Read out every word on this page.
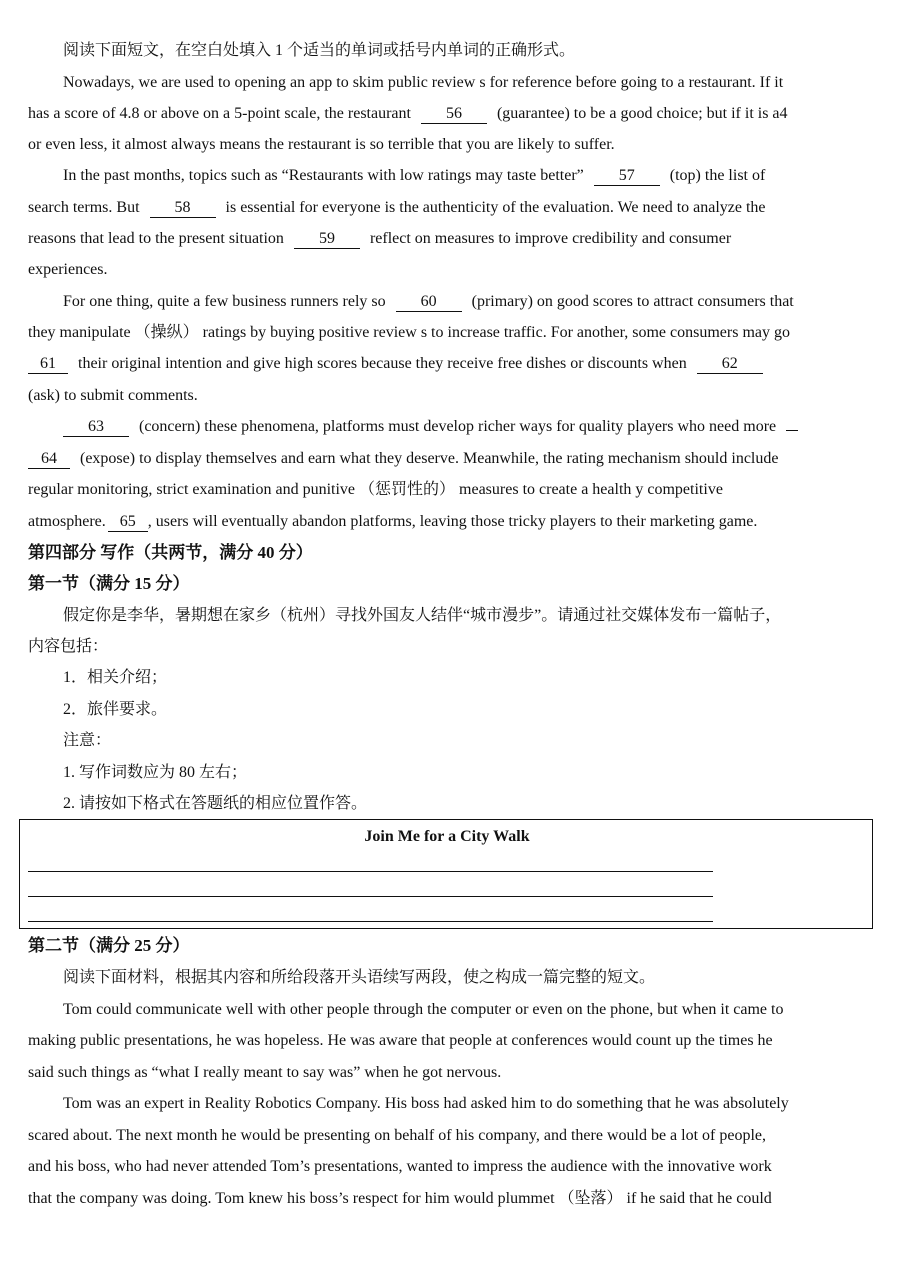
阅读下面短文，在空白处填入 1 个适当的单词或括号内单词的正确形式。
Nowadays, we are used to opening an app to skim public review s for reference before going to a restaurant. If it
has a score of 4.8 or above on a 5-point scale, the restaurant 56 (guarantee) to be a good choice; but if it is a4
or even less, it almost always means the restaurant is so terrible that you are likely to suffer.
In the past months, topics such as “Restaurants with low ratings may taste better” 57 (top) the list of
search terms. But 58 is essential for everyone is the authenticity of the evaluation. We need to analyze the
reasons that lead to the present situation 59 reflect on measures to improve credibility and consumer
experiences.
For one thing, quite a few business runners rely so 60 (primary) on good scores to attract consumers that
they manipulate （操纵） ratings by buying positive review s to increase traffic. For another, some consumers may go
61 their original intention and give high scores because they receive free dishes or discounts when 62
(ask) to submit comments.
63 (concern) these phenomena, platforms must develop richer ways for quality players who need more
64 (expose) to display themselves and earn what they deserve. Meanwhile, the rating mechanism should include
regular monitoring, strict examination and punitive （惩罚性的） measures to create a health y competitive
atmosphere. 65 , users will eventually abandon platforms, leaving those tricky players to their marketing game.
第四部分 写作（共两节，满分 40 分）
第一节（满分 15 分）
假定你是李华，暑期想在家乡（杭州）寻找外国友人结伴“城市漫步”。请通过社交媒体发布一篇帖子，
内容包括：
1．相关介绍；
2．旅伴要求。
注意：
1. 写作词数应为 80 左右；
2. 请按如下格式在答题纸的相应位置作答。
Join Me for a City Walk
第二节（满分 25 分）
阅读下面材料，根据其内容和所给段落开头语续写两段，使之构成一篇完整的短文。
Tom could communicate well with other people through the computer or even on the phone, but when it came to
making public presentations, he was hopeless. He was aware that people at conferences would count up the times he
said such things as “what I really meant to say was” when he got nervous.
Tom was an expert in Reality Robotics Company. His boss had asked him to do something that he was absolutely
scared about. The next month he would be presenting on behalf of his company, and there would be a lot of people,
and his boss, who had never attended Tom’s presentations, wanted to impress the audience with the innovative work
that the company was doing. Tom knew his boss’s respect for him would plummet （坠落） if he said that he could
